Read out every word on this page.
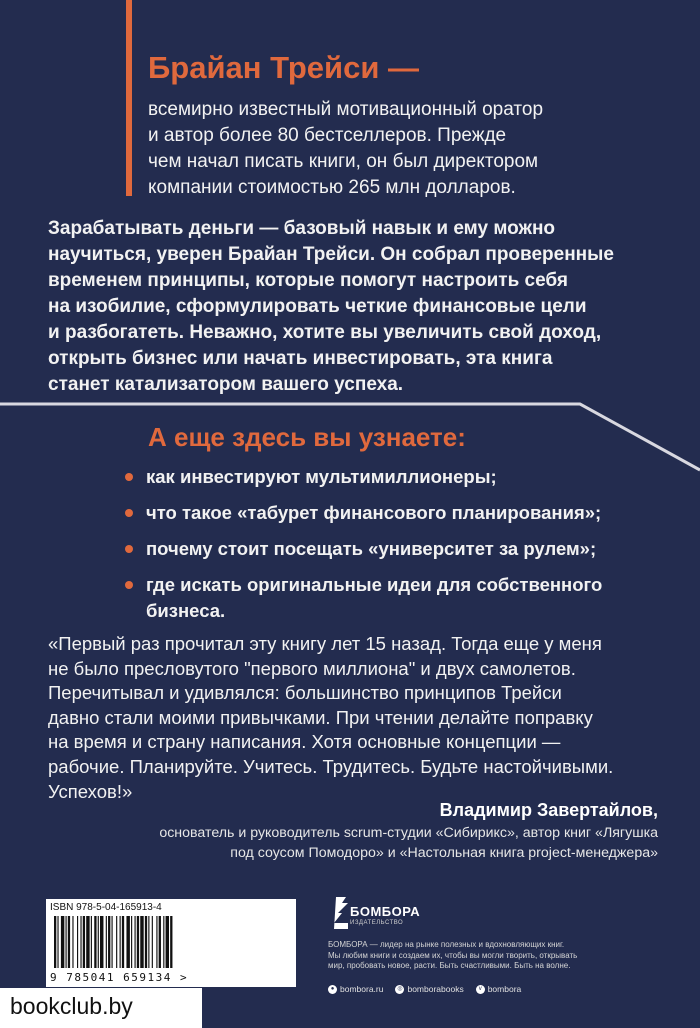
Брайан Трейси —
всемирно известный мотивационный оратор
и автор более 80 бестселлеров. Прежде
чем начал писать книги, он был директором
компании стоимостью 265 млн долларов.
Зарабатывать деньги — базовый навык и ему можно
научиться, уверен Брайан Трейси. Он собрал проверенные
временем принципы, которые помогут настроить себя
на изобилие, сформулировать четкие финансовые цели
и разбогатеть. Неважно, хотите вы увеличить свой доход,
открыть бизнес или начать инвестировать, эта книга
станет катализатором вашего успеха.
А еще здесь вы узнаете:
как инвестируют мультимиллионеры;
что такое «табурет финансового планирования»;
почему стоит посещать «университет за рулем»;
где искать оригинальные идеи для собственного
бизнеса.
«Первый раз прочитал эту книгу лет 15 назад. Тогда еще у меня
не было пресловутого "первого миллиона" и двух самолетов.
Перечитывал и удивлялся: большинство принципов Трейси
давно стали моими привычками. При чтении делайте поправку
на время и страну написания. Хотя основные концепции —
рабочие. Планируйте. Учитесь. Трудитесь. Будьте настойчивыми.
Успехов!»
Владимир Завертайлов,
основатель и руководитель scrum-студии «Сибирикс», автор книг «Лягушка
под соусом Помодоро» и «Настольная книга project-менеджера»
ISBN 978-5-04-165913-4
9 785041 659134 >
БОМБОРА
ИЗДАТЕЛЬСТВО
БОМБОРА — лидер на рынке полезных и вдохновляющих книг.
Мы любим книги и создаем их, чтобы вы могли творить, открывать
мир, пробовать новое, расти. Быть счастливыми. Быть на волне.
● bombora.ru	◎ bomborabooks	v bombora
bookclub.by
